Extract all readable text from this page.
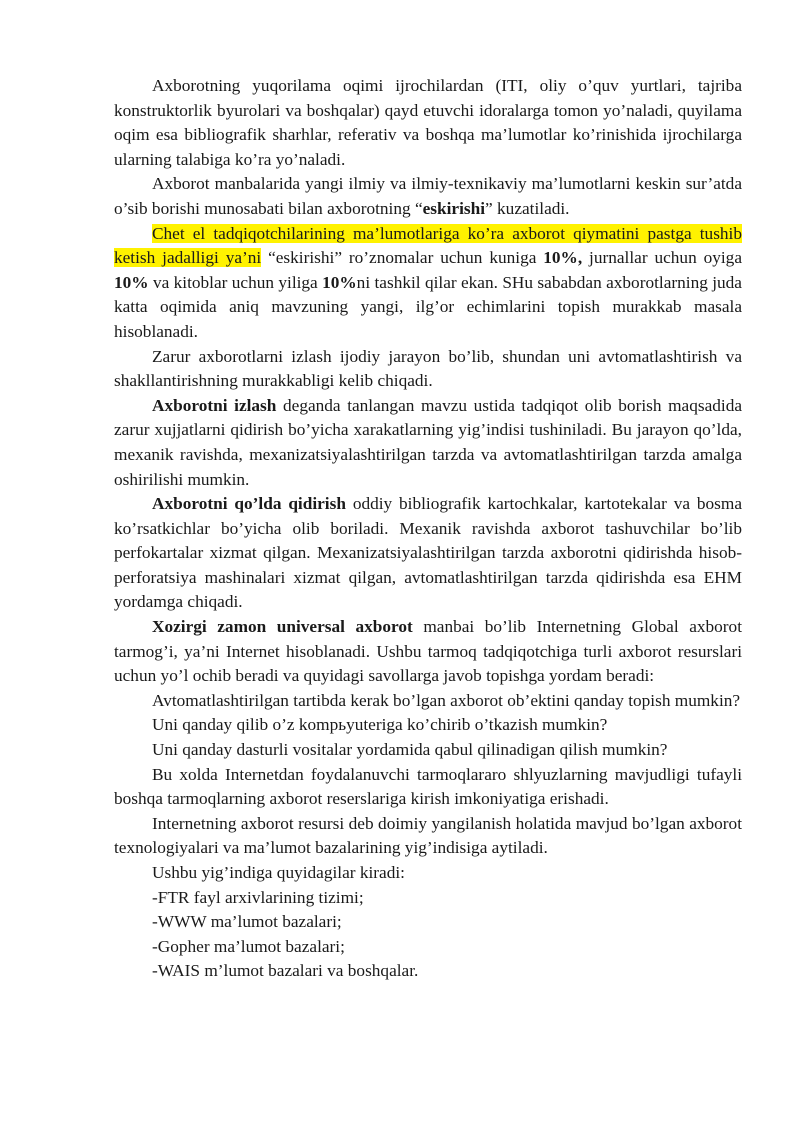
Axborotning yuqorilama oqimi ijrochilardan (ITI, oliy o’quv yurtlari, tajriba konstruktorlik byurolari va boshqalar) qayd etuvchi idoralarga tomon yo’naladi, quyilama oqim esa bibliografik sharhlar, referativ va boshqa ma’lumotlar ko’rinishida ijrochilarga ularning talabiga ko’ra yo’naladi.

Axborot manbalarida yangi ilmiy va ilmiy-texnikaviy ma’lumotlarni keskin sur’atda o’sib borishi munosabati bilan axborotning “eskirishi” kuzatiladi.

Chet el tadqiqotchilarining ma’lumotlariga ko’ra axborot qiymatini pastga tushib ketish jadalligi ya’ni “eskirishi” ro’znomalar uchun kuniga 10%, jurnallar uchun oyiga 10% va kitoblar uchun yiliga 10%ni tashkil qilar ekan. SHu sababdan axborotlarning juda katta oqimida aniq mavzuning yangi, ilg’or echimlarini topish murakkab masala hisoblanadi.

Zarur axborotlarni izlash ijodiy jarayon bo’lib, shundan uni avtomatlashtirish va shakllantirishning murakkabligi kelib chiqadi.

Axborotni izlash deganda tanlangan mavzu ustida tadqiqot olib borish maqsadida zarur xujjatlarni qidirish bo’yicha xarakatlarning yig’indisi tushiniladi. Bu jarayon qo’lda, mexanik ravishda, mexanizatsiyalashtirilgan tarzda va avtomatlashtirilgan tarzda amalga oshirilishi mumkin.

Axborotni qo’lda qidirish oddiy bibliografik kartochkalar, kartotekalar va bosma ko’rsatkichlar bo’yicha olib boriladi. Mexanik ravishda axborot tashuvchilar bo’lib perfokartalar xizmat qilgan. Mexanizatsiyalashtirilgan tarzda axborotni qidirishda hisob-perforatsiya mashinalari xizmat qilgan, avtomatlashtirilgan tarzda qidirishda esa EHM yordamga chiqadi.

Xozirgi zamon universal axborot manbai bo’lib Internetning Global axborot tarmog’i, ya’ni Internet hisoblanadi. Ushbu tarmoq tadqiqotchiga turli axborot resurslari uchun yo’l ochib beradi va quyidagi savollarga javob topishga yordam beradi:

Avtomatlashtirilgan tartibda kerak bo’lgan axborot ob’ektini qanday topish mumkin?

Uni qanday qilib o’z kompьyuteriga ko’chirib o’tkazish mumkin?

Uni qanday dasturli vositalar yordamida qabul qilinadigan qilish mumkin?

Bu xolda Internetdan foydalanuvchi tarmoqlararo shlyuzlarning mavjudligi tufayli boshqa tarmoqlarning axborot reserslariga kirish imkoniyatiga erishadi.

Internetning axborot resursi deb doimiy yangilanish holatida mavjud bo’lgan axborot texnologiyalari va ma’lumot bazalarining yig’indisiga aytiladi.

Ushbu yig’indiga quyidagilar kiradi:

-FTR fayl arxivlarining tizimi;

-WWW ma’lumot bazalari;

-Gopher ma’lumot bazalari;

-WAIS m’lumot bazalari va boshqalar.
